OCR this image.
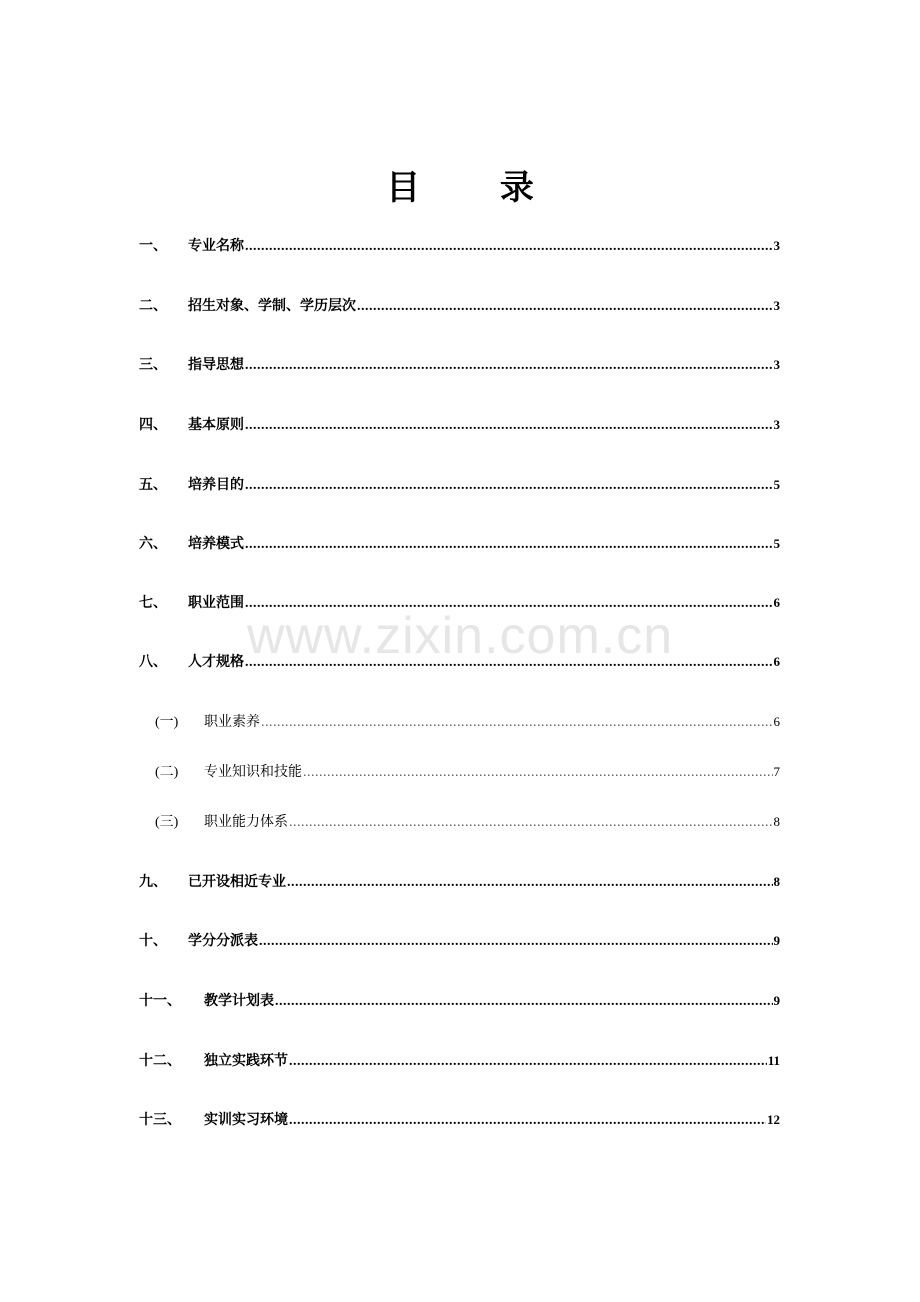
www.zixin.com.cn
目 录
一、	专业名称 .....	3
二、	招生对象、学制、学历层次 .....	3
三、	指导思想 .....	3
四、	基本原则 .....	3
五、	培养目的 .....	5
六、	培养模式 .....	5
七、	职业范围 .....	6
八、	人才规格 .....	6
(一)	职业素养 .....	6
(二)	专业知识和技能 .....	7
(三)	职业能力体系 .....	8
九、	已开设相近专业 .....	8
十、	学分分派表 .....	9
十一、	教学计划表 .....	9
十二、	独立实践环节 .....	11
十三、	实训实习环境 .....	12
